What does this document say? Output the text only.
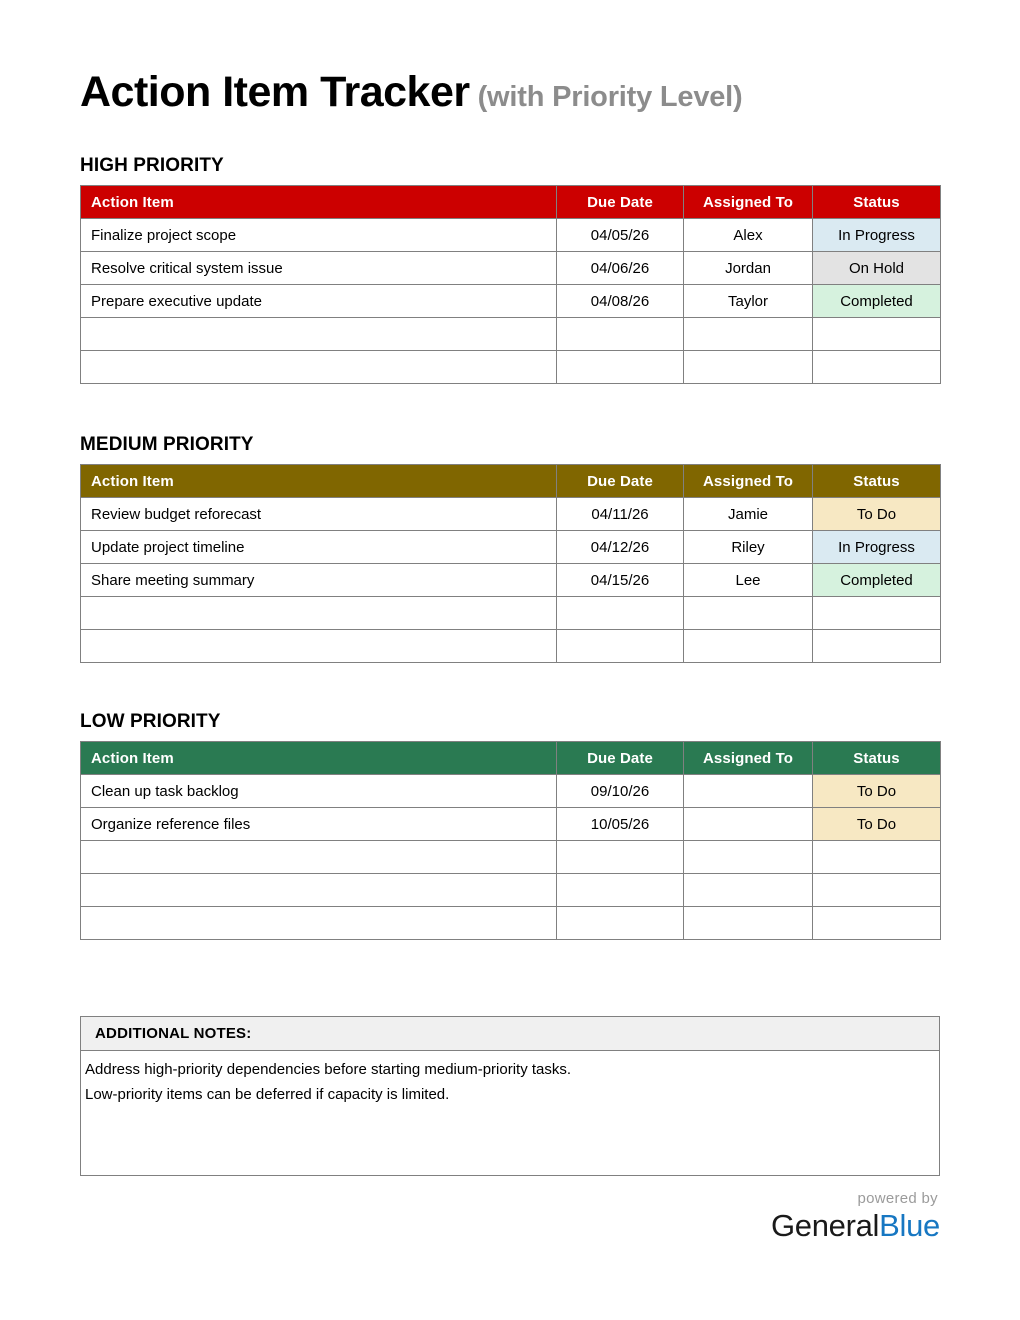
Action Item Tracker (with Priority Level)
HIGH PRIORITY
Action Item	Due Date	Assigned To	Status
Finalize project scope	04/05/26	Alex	In Progress
Resolve critical system issue	04/06/26	Jordan	On Hold
Prepare executive update	04/08/26	Taylor	Completed

MEDIUM PRIORITY
Action Item	Due Date	Assigned To	Status
Review budget reforecast	04/11/26	Jamie	To Do
Update project timeline	04/12/26	Riley	In Progress
Share meeting summary	04/15/26	Lee	Completed

LOW PRIORITY
Action Item	Due Date	Assigned To	Status
Clean up task backlog	09/10/26		To Do
Organize reference files	10/05/26		To Do

ADDITIONAL NOTES:
Address high-priority dependencies before starting medium-priority tasks.
Low-priority items can be deferred if capacity is limited.
powered by
GeneralBlue
